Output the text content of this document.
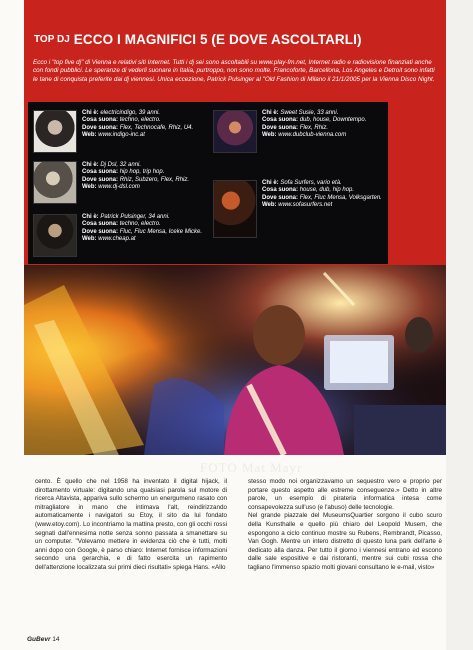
TOP DJ ECCO I MAGNIFICI 5 (E DOVE ASCOLTARLI)

Ecco i "top five dj" di Vienna e relativi siti Internet. Tutti i dj sei sono ascoltabili su www.play-fm.net, Internet radio e radiovisione finanziati anche con fondi pubblici. Le speranze di vederli suonare in Italia, purtroppo, non sono molte. Francoforte, Barcellona, Los Angeles e Detroit sono infatti le tane di conquista preferite dai dj viennesi. Unica eccezione, Patrick Pulsinger al "Old Fashion di Milano il 21/1/2005 per la Vienna Disco Night.

Chi è: electricindigo, 39 anni.
Cosa suona: techno, electro.
Dove suona: Flex, Technocafe, Rhiz, U4.
Web: www.indigo-inc.at
Chi è: Dj Dsl, 32 anni.
Cosa suona: hip hop, trip hop.
Dove suona: Rhiz, Subzero, Flex, Rhiz.
Web: www.dj-dsl.com
Chi è: Patrick Pulsinger, 34 anni.
Cosa suona: techno, electro.
Dove suona: Fluc, Fluc Mensa, Iceke Micke.
Web: www.cheap.at
Chi è: Sweet Susie, 33 anni.
Cosa suona: dub, house, Downtempo.
Dove suona: Flex, Rhiz.
Web: www.dubclub-vienna.com
Chi è: Sofa Surfers, vario età.
Cosa suona: house, dub, hip hop.
Dove suona: Flex, Fluc Mensa, Volksgarten.
Web: www.sofasurfers.net
FOTO Mat Mayr

cento. È quello che nel 1958 ha inventato il digital hijack, il dirottamento virtuale: digitando una qualsiasi parola sul motore di ricerca Altavista, appariva sullo schermo un energumeno rasato con mitragliatore in mano che intimava l'alt, reindirizzando automaticamente i navigatori su Etoy, il sito da lui fondato (www.etoy.com). Lo incontriamo la mattina presto, con gli occhi rossi segnati dall'ennesima notte senza sonno passata a smanettare su un computer. "Volevamo mettere in evidenza ciò che è tutti, molti anni dopo con Google, è parso chiaro: Internet fornisce informazioni secondo una gerarchia, e di fatto esercita un rapimento dell'attenzione localizzata sui primi dieci risultati» spiega Hans. «Allo

stesso modo noi organizzavamo un sequestro vero e proprio per portare questo aspetto alle estreme conseguenze.» Detto in altre parole, un esempio di pirateria informatica intesa come consapevolezza sull'uso (e l'abuso) delle tecnologie.

Nel grande piazzale del MuseumsQuartier sorgono il cubo scuro della Kunsthalle e quello più chiaro del Leopold Musem, che espongono a ciclo continuo mostre su Rubens, Rembrandt, Picasso, Van Gogh. Mentre un intero distretto di questo luna park dell'arte è dedicato alla danza. Per tutto il giorno i viennesi entrano ed escono dalle sale espositive e dai ristoranti, mentre sui cubi rossa che tagliano l'immenso spazio molti giovani consultano le e-mail, visto»

GuBevr 14
